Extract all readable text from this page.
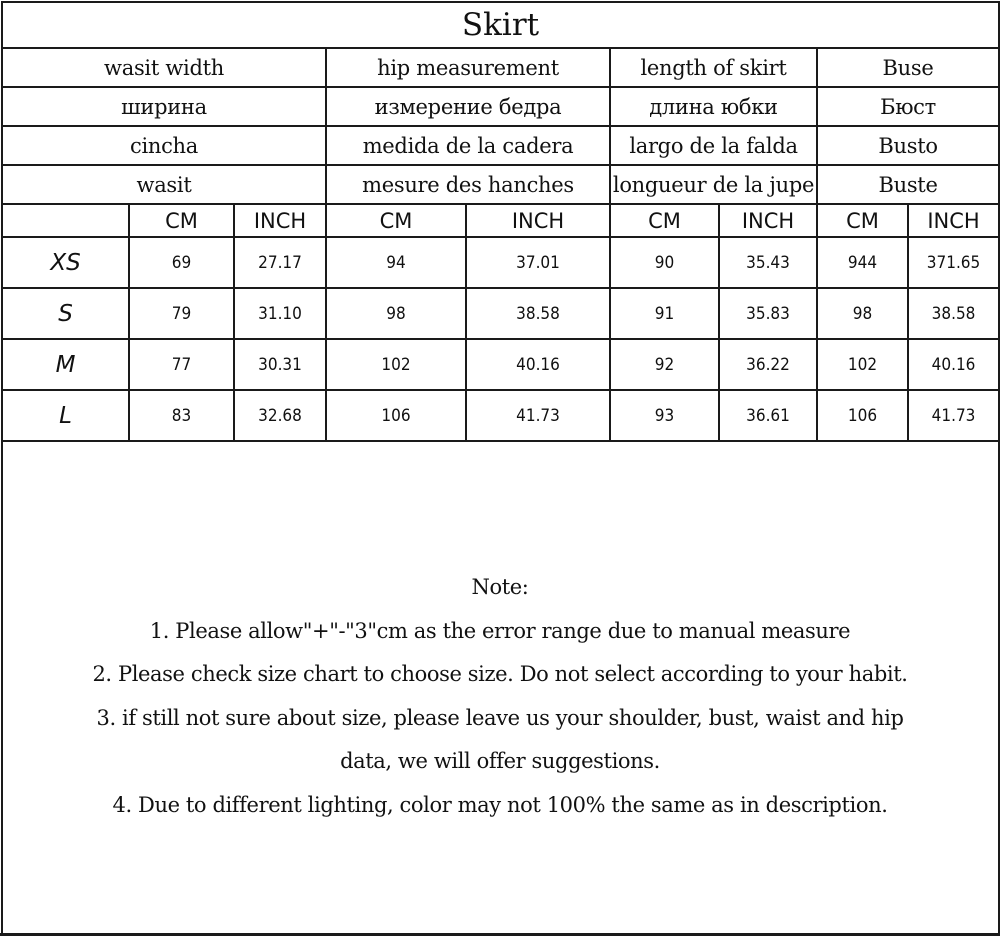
Skirt								
wasit width			hip measurement		length of skirt		Buse	
ширина			измерение бедра		длина юбки		Бюст	
cincha			medida de la cadera		largo de la falda		Busto	
wasit			mesure des hanches		longueur de la jupe		Buste	
	CM	INCH	CM	INCH	CM	INCH	CM	INCH
XS	69	27.17	94	37.01	90	35.43	944	371.65
S	79	31.10	98	38.58	91	35.83	98	38.58
M	77	30.31	102	40.16	92	36.22	102	40.16
L	83	32.68	106	41.73	93	36.61	106	41.73
Note:
1. Please allow"+"-"3"cm as the error range due to manual measure
2. Please check size chart to choose size. Do not select according to your habit.
3. if still not sure about size, please leave us your shoulder, bust, waist and hip
data, we will offer suggestions.
4. Due to different lighting, color may not 100% the same as in description.
